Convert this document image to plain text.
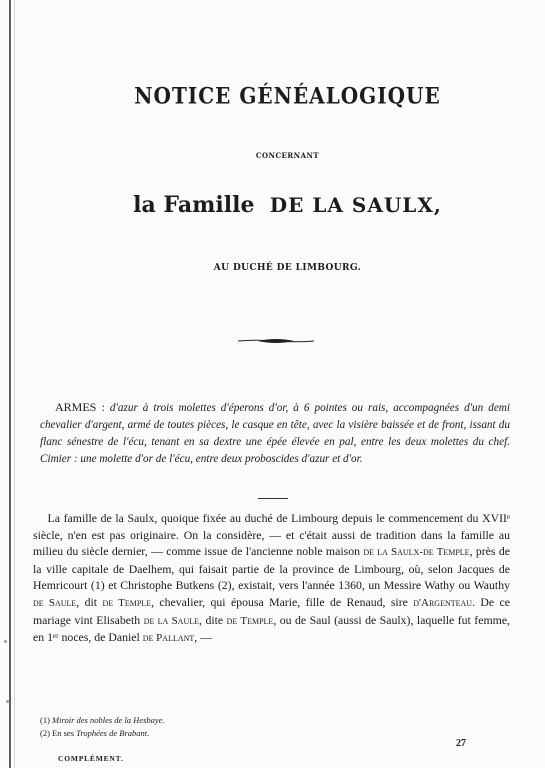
NOTICE GÉNÉALOGIQUE
CONCERNANT
la Famille DE LA SAULX,
AU DUCHÉ DE LIMBOURG.
ARMES : d'azur à trois molettes d'éperons d'or, à 6 pointes ou rais, accompagnées d'un demi chevalier d'argent, armé de toutes pièces, le casque en tête, avec la visière baissée et de front, issant du flanc sénestre de l'écu, tenant en sa dextre une épée élevée en pal, entre les deux molettes du chef. Cimier : une molette d'or de l'écu, entre deux proboscides d'azur et d'or.
La famille de la Saulx, quoique fixée au duché de Limbourg depuis le commencement du XVIIᵉ siècle, n'en est pas originaire. On la considère, — et c'était aussi de tradition dans la famille au milieu du siècle dernier, — comme issue de l'ancienne noble maison de la Saulx-de Temple, près de la ville capitale de Daelhem, qui faisait partie de la province de Limbourg, où, selon Jacques de Hemricourt (1) et Christophe Butkens (2), existait, vers l'année 1360, un Messire Wathy ou Wauthy de Saule, dit de Temple, chevalier, qui épousa Marie, fille de Renaud, sire d'Argenteau. De ce mariage vint Elisabeth de la Saule, dite de Temple, ou de Saul (aussi de Saulx), laquelle fut femme, en 1ᵉʳ noces, de Daniel de Pallant, —
(1) Miroir des nobles de la Hesbaye.
(2) En ses Trophées de Brabant.
COMPLÉMENT.
27
